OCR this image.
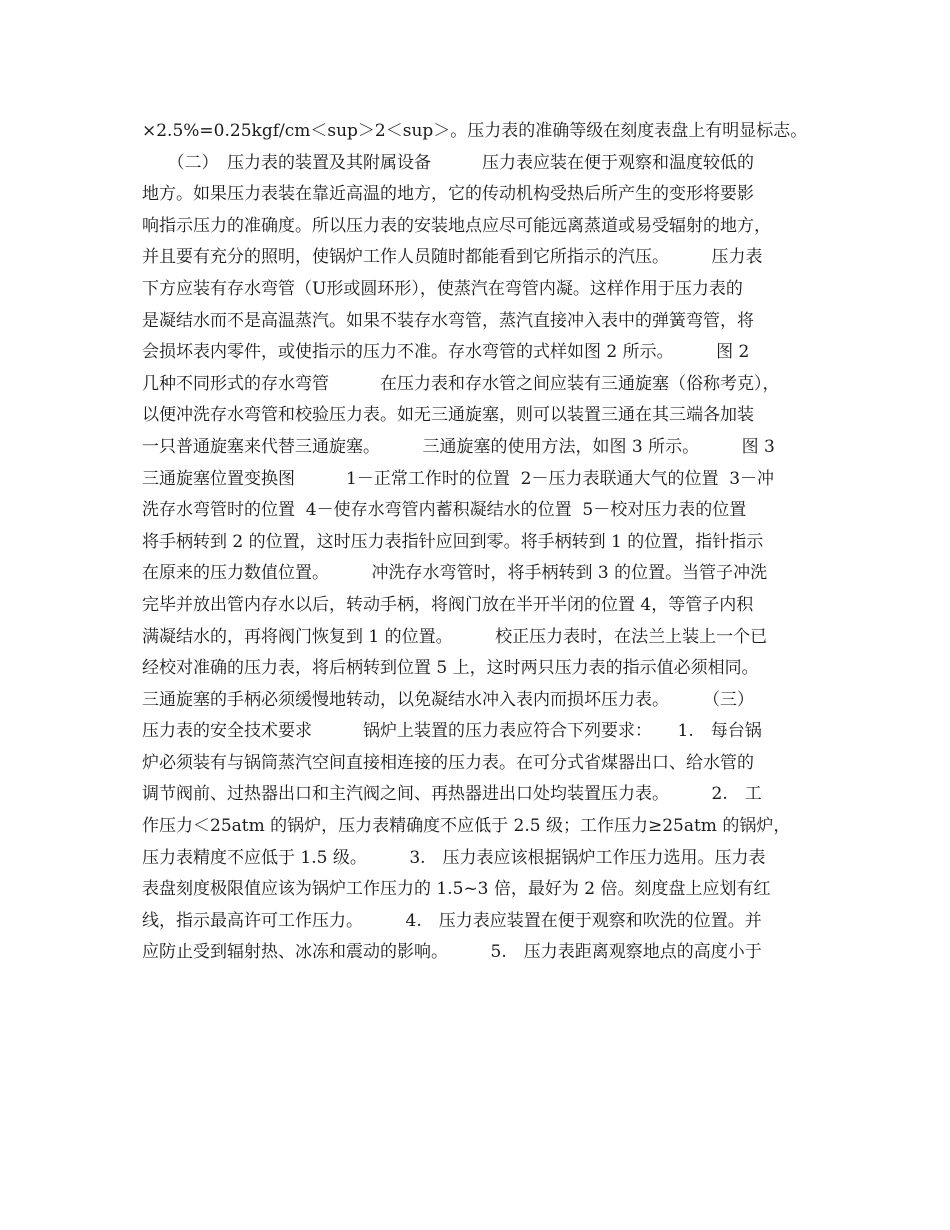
×2.5%=0.25kgf/cm＜sup＞2＜sup＞。压力表的准确等级在刻度表盘上有明显标志。
　　（二）　压力表的装置及其附属设备　　　压力表应装在便于观察和温度较低的
地方。如果压力表装在靠近高温的地方，它的传动机构受热后所产生的变形将要影
响指示压力的准确度。所以压力表的安装地点应尽可能远离蒸道或易受辐射的地方，
并且要有充分的照明，使锅炉工作人员随时都能看到它所指示的汽压。　　　压力表
下方应装有存水弯管（U形或圆环形），使蒸汽在弯管内凝。这样作用于压力表的
是凝结水而不是高温蒸汽。如果不装存水弯管，蒸汽直接冲入表中的弹簧弯管，将
会损坏表内零件，或使指示的压力不准。存水弯管的式样如图 2 所示。　　　图 2
几种不同形式的存水弯管　　　在压力表和存水管之间应装有三通旋塞（俗称考克），
以便冲洗存水弯管和校验压力表。如无三通旋塞，则可以装置三通在其三端各加装
一只普通旋塞来代替三通旋塞。　　　三通旋塞的使用方法，如图 3 所示。　　　图 3
三通旋塞位置变换图　　　1－正常工作时的位置  2－压力表联通大气的位置  3－冲
洗存水弯管时的位置  4－使存水弯管内蓄积凝结水的位置  5－校对压力表的位置
将手柄转到 2 的位置，这时压力表指针应回到零。将手柄转到 1 的位置，指针指示
在原来的压力数值位置。　　　冲洗存水弯管时，将手柄转到 3 的位置。当管子冲洗
完毕并放出管内存水以后，转动手柄，将阀门放在半开半闭的位置 4，等管子内积
满凝结水的，再将阀门恢复到 1 的位置。　　　校正压力表时，在法兰上装上一个已
经校对准确的压力表，将后柄转到位置 5 上，这时两只压力表的指示值必须相同。
三通旋塞的手柄必须缓慢地转动，以免凝结水冲入表内而损坏压力表。　　　（三）
压力表的安全技术要求　　　锅炉上装置的压力表应符合下列要求：　　1.　每台锅
炉必须装有与锅筒蒸汽空间直接相连接的压力表。在可分式省煤器出口、给水管的
调节阀前、过热器出口和主汽阀之间、再热器进出口处均装置压力表。　　　2.　工
作压力＜25atm 的锅炉，压力表精确度不应低于 2.5 级；工作压力≥25atm 的锅炉，
压力表精度不应低于 1.5 级。　　　3.　压力表应该根据锅炉工作压力选用。压力表
表盘刻度极限值应该为锅炉工作压力的 1.5~3 倍，最好为 2 倍。刻度盘上应划有红
线，指示最高许可工作压力。　　　4.　压力表应装置在便于观察和吹洗的位置。并
应防止受到辐射热、冰冻和震动的影响。　　　5.　压力表距离观察地点的高度小于
